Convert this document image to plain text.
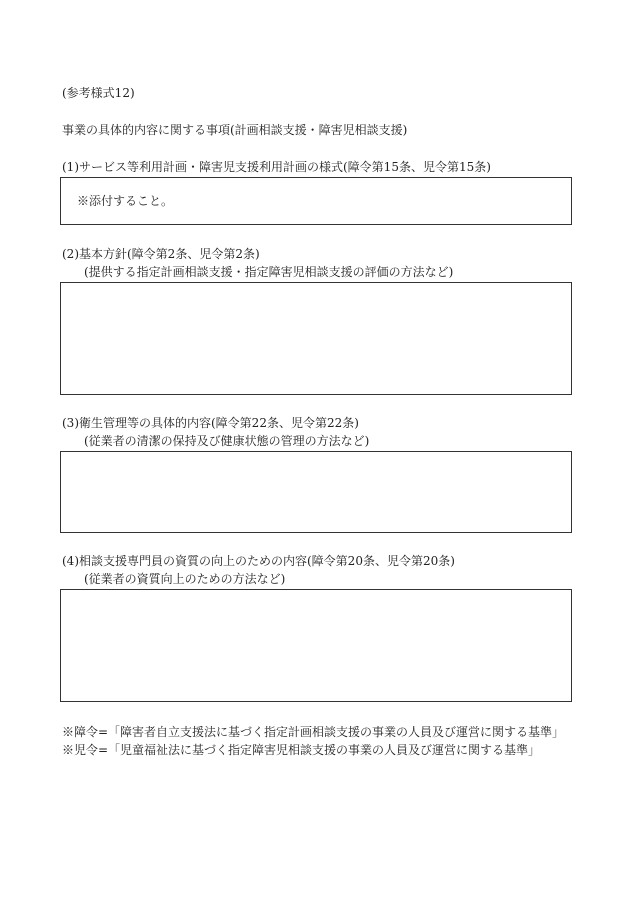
(参考様式12)
事業の具体的内容に関する事項(計画相談支援・障害児相談支援)
(1)サービス等利用計画・障害児支援利用計画の様式(障令第15条、児令第15条)
※添付すること。
(2)基本方針(障令第2条、児令第2条)
(提供する指定計画相談支援・指定障害児相談支援の評価の方法など)
(3)衛生管理等の具体的内容(障令第22条、児令第22条)
(従業者の清潔の保持及び健康状態の管理の方法など)
(4)相談支援専門員の資質の向上のための内容(障令第20条、児令第20条)
(従業者の資質向上のための方法など)
※障令=「障害者自立支援法に基づく指定計画相談支援の事業の人員及び運営に関する基準」
※児令=「児童福祉法に基づく指定障害児相談支援の事業の人員及び運営に関する基準」
